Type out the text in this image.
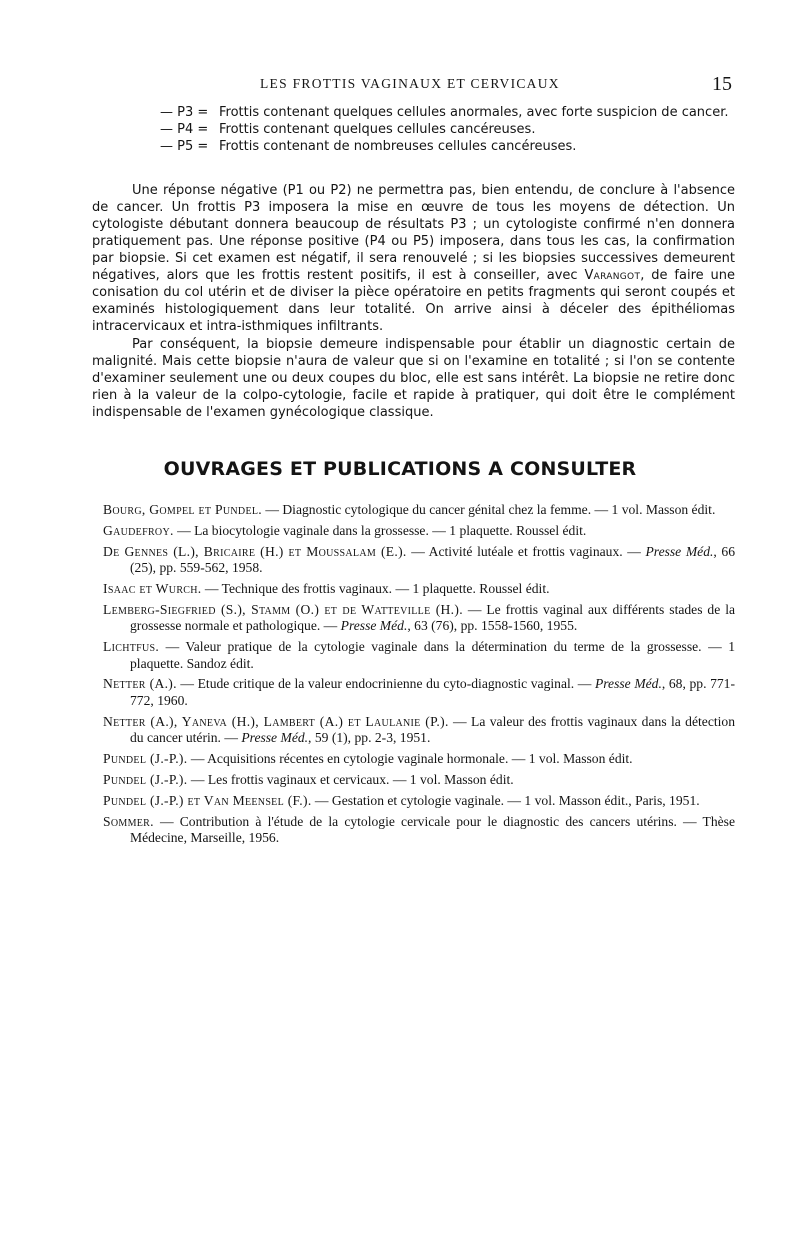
LES FROTTIS VAGINAUX ET CERVICAUX	15

— P3 = Frottis contenant quelques cellules anormales, avec forte suspicion de cancer.

— P4 = Frottis contenant quelques cellules cancéreuses.

— P5 = Frottis contenant de nombreuses cellules cancéreuses.

Une réponse négative (P1 ou P2) ne permettra pas, bien entendu, de conclure à l'absence de cancer. Un frottis P3 imposera la mise en œuvre de tous les moyens de détection. Un cytologiste débutant donnera beaucoup de résultats P3 ; un cytologiste confirmé n'en donnera pratiquement pas. Une réponse positive (P4 ou P5) imposera, dans tous les cas, la confirmation par biopsie. Si cet examen est négatif, il sera renouvelé ; si les biopsies successives demeurent négatives, alors que les frottis restent positifs, il est à conseiller, avec Varangot, de faire une conisation du col utérin et de diviser la pièce opératoire en petits fragments qui seront coupés et examinés histologiquement dans leur totalité. On arrive ainsi à déceler des épithéliomas intracervicaux et intra-isthmiques infiltrants.

Par conséquent, la biopsie demeure indispensable pour établir un diagnostic certain de malignité. Mais cette biopsie n'aura de valeur que si on l'examine en totalité ; si l'on se contente d'examiner seulement une ou deux coupes du bloc, elle est sans intérêt. La biopsie ne retire donc rien à la valeur de la colpo-cytologie, facile et rapide à pratiquer, qui doit être le complément indispensable de l'examen gynécologique classique.

OUVRAGES ET PUBLICATIONS A CONSULTER

Bourg, Gompel et Pundel. — Diagnostic cytologique du cancer génital chez la femme. — 1 vol. Masson édit.

Gaudefroy. — La biocytologie vaginale dans la grossesse. — 1 plaquette. Roussel édit.

De Gennes (L.), Bricaire (H.) et Moussalam (E.). — Activité lutéale et frottis vaginaux. — Presse Méd., 66 (25), pp. 559-562, 1958.

Isaac et Wurch. — Technique des frottis vaginaux. — 1 plaquette. Roussel édit.

Lemberg-Siegfried (S.), Stamm (O.) et de Watteville (H.). — Le frottis vaginal aux différents stades de la grossesse normale et pathologique. — Presse Méd., 63 (76), pp. 1558-1560, 1955.

Lichtfus. — Valeur pratique de la cytologie vaginale dans la détermination du terme de la grossesse. — 1 plaquette. Sandoz édit.

Netter (A.). — Etude critique de la valeur endocrinienne du cyto-diagnostic vaginal. — Presse Méd., 68, pp. 771-772, 1960.

Netter (A.), Yaneva (H.), Lambert (A.) et Laulanie (P.). — La valeur des frottis vaginaux dans la détection du cancer utérin. — Presse Méd., 59 (1), pp. 2-3, 1951.

Pundel (J.-P.). — Acquisitions récentes en cytologie vaginale hormonale. — 1 vol. Masson édit.

Pundel (J.-P.). — Les frottis vaginaux et cervicaux. — 1 vol. Masson édit.

Pundel (J.-P.) et Van Meensel (F.). — Gestation et cytologie vaginale. — 1 vol. Masson édit., Paris, 1951.

Sommer. — Contribution à l'étude de la cytologie cervicale pour le diagnostic des cancers utérins. — Thèse Médecine, Marseille, 1956.
